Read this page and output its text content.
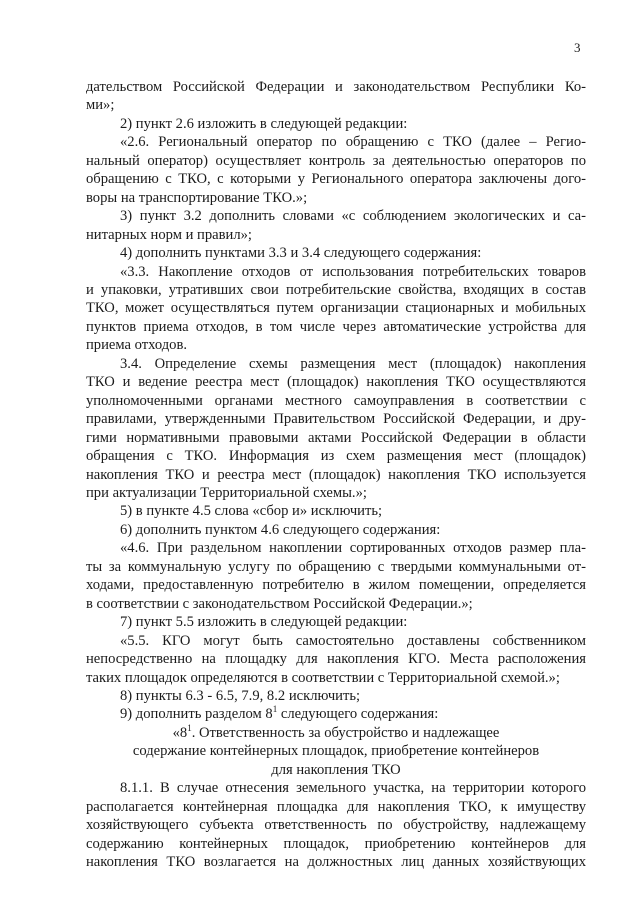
3

дательством Российской Федерации и законодательством Республики Ко-
ми»;

2) пункт 2.6 изложить в следующей редакции:

«2.6. Региональный оператор по обращению с ТКО (далее – Регио-
нальный оператор) осуществляет контроль за деятельностью операторов по
обращению с ТКО, с которыми у Регионального оператора заключены дого-
воры на транспортирование ТКО.»;

3) пункт 3.2 дополнить словами «с соблюдением экологических и са-
нитарных норм и правил»;

4) дополнить пунктами 3.3 и 3.4 следующего содержания:

«3.3. Накопление отходов от использования потребительских товаров
и упаковки, утративших свои потребительские свойства, входящих в состав
ТКО, может осуществляться путем организации стационарных и мобильных
пунктов приема отходов, в том числе через автоматические устройства для
приема отходов.

3.4. Определение схемы размещения мест (площадок) накопления
ТКО и ведение реестра мест (площадок) накопления ТКО осуществляются
уполномоченными органами местного самоуправления в соответствии с
правилами, утвержденными Правительством Российской Федерации, и дру-
гими нормативными правовыми актами Российской Федерации в области
обращения с ТКО. Информация из схем размещения мест (площадок)
накопления ТКО и реестра мест (площадок) накопления ТКО используется
при актуализации Территориальной схемы.»;

5) в пункте 4.5 слова «сбор и» исключить;

6) дополнить пунктом 4.6 следующего содержания:

«4.6. При раздельном накоплении сортированных отходов размер пла-
ты за коммунальную услугу по обращению с твердыми коммунальными от-
ходами, предоставленную потребителю в жилом помещении, определяется
в соответствии с законодательством Российской Федерации.»;

7) пункт 5.5 изложить в следующей редакции:

«5.5. КГО могут быть самостоятельно доставлены собственником
непосредственно на площадку для накопления КГО. Места расположения
таких площадок определяются в соответствии с Территориальной схемой.»;

8) пункты 6.3 - 6.5, 7.9, 8.2 исключить;

9) дополнить разделом $8^1$ следующего содержания:

«$8^1$. Ответственность за обустройство и надлежащее
содержание контейнерных площадок, приобретение контейнеров
для накопления ТКО

8.1.1. В случае отнесения земельного участка, на территории которого
располагается контейнерная площадка для накопления ТКО, к имуществу
хозяйствующего субъекта ответственность по обустройству, надлежащему
содержанию контейнерных площадок, приобретению контейнеров для
накопления ТКО возлагается на должностных лиц данных хозяйствующих
